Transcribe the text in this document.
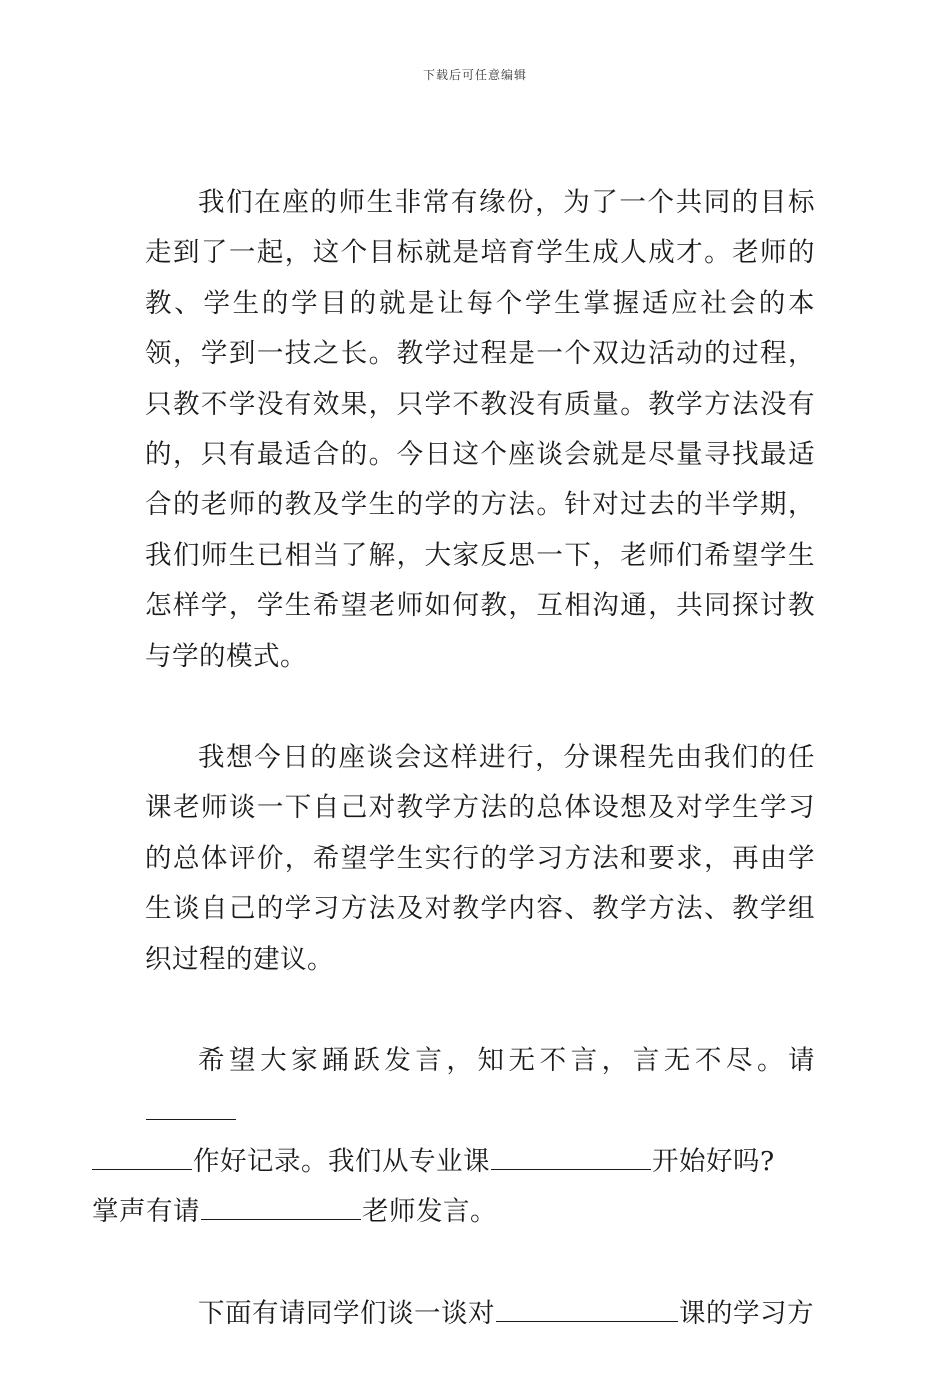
下载后可任意编辑

我们在座的师生非常有缘份，为了一个共同的目标走到了一起，这个目标就是培育学生成人成才。老师的教、学生的学目的就是让每个学生掌握适应社会的本领，学到一技之长。教学过程是一个双边活动的过程，只教不学没有效果，只学不教没有质量。教学方法没有的，只有最适合的。今日这个座谈会就是尽量寻找最适合的老师的教及学生的学的方法。针对过去的半学期，我们师生已相当了解，大家反思一下，老师们希望学生怎样学，学生希望老师如何教，互相沟通，共同探讨教与学的模式。

我想今日的座谈会这样进行，分课程先由我们的任课老师谈一下自己对教学方法的总体设想及对学生学习的总体评价，希望学生实行的学习方法和要求，再由学生谈自己的学习方法及对教学内容、教学方法、教学组织过程的建议。

希望大家踊跃发言，知无不言，言无不尽。请
作好记录。我们从专业课	开始好吗?
掌声有请	老师发言。

下面有请同学们谈一谈对	课的学习方
